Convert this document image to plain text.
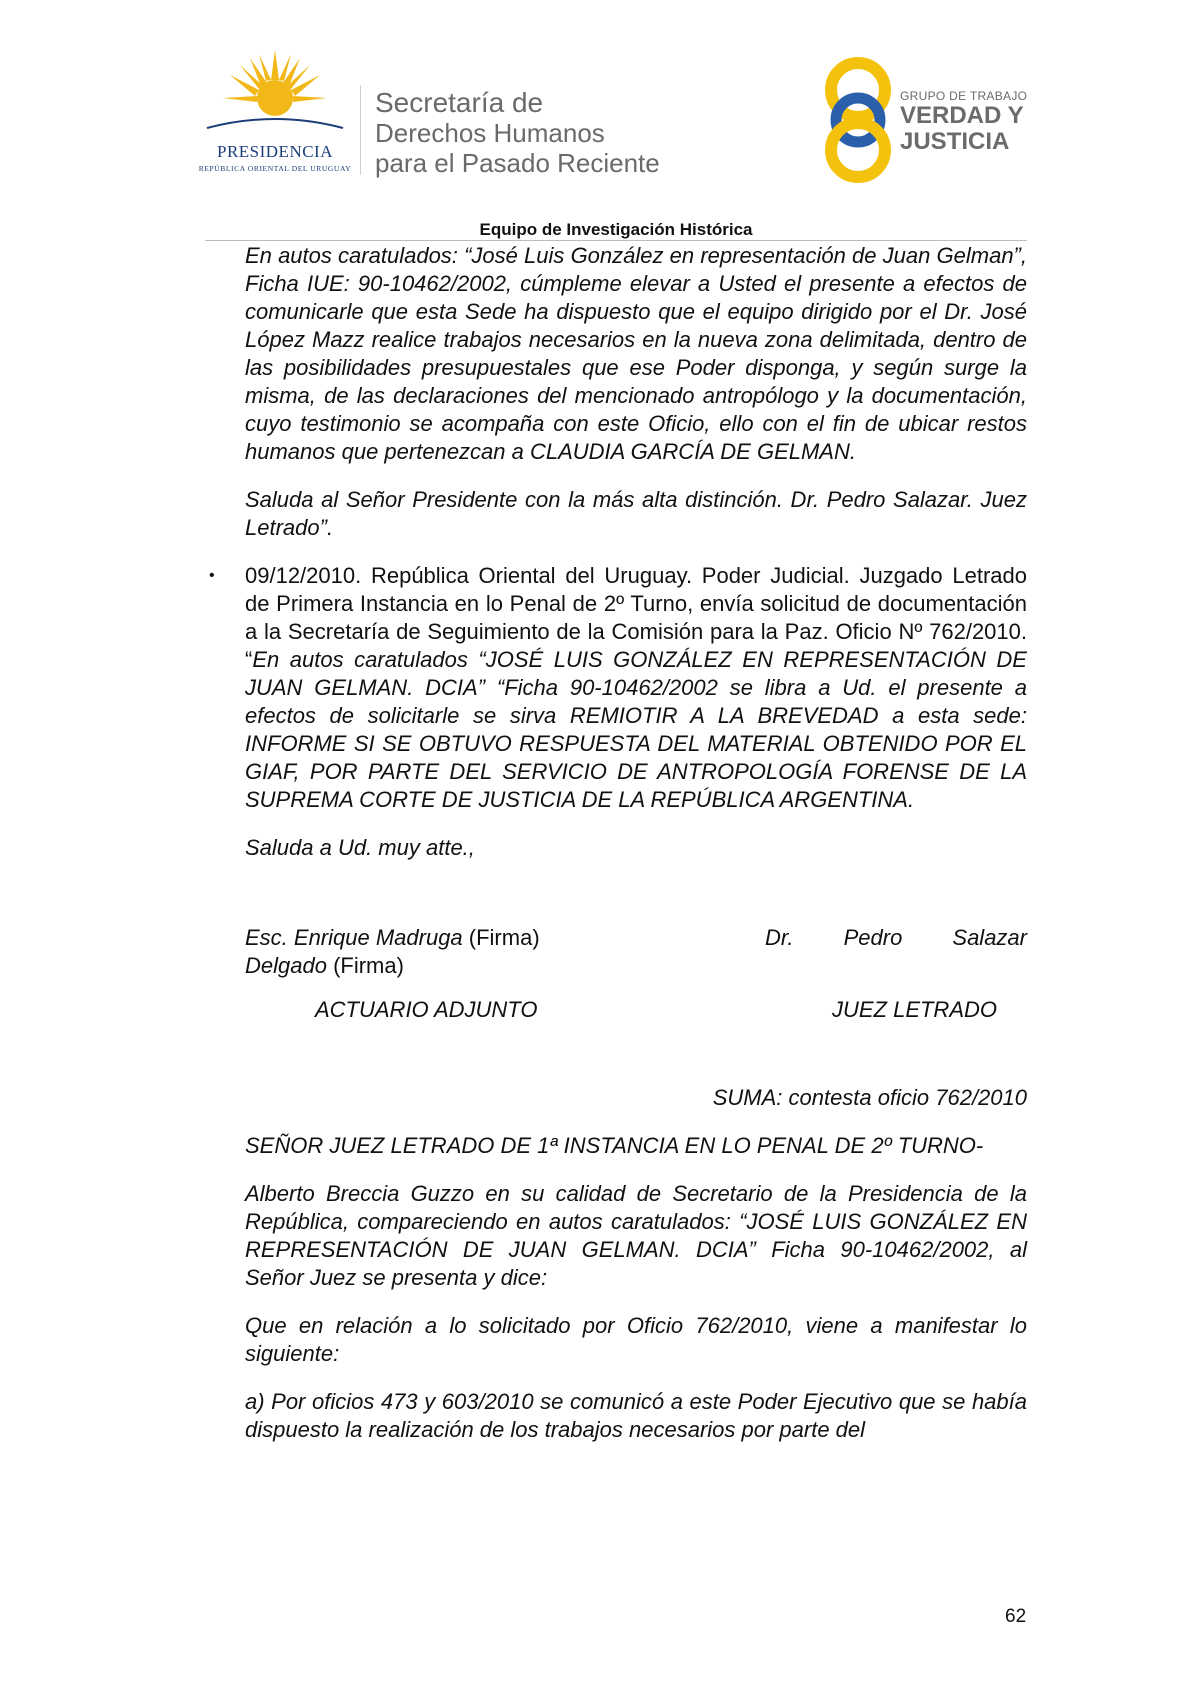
PRESIDENCIA
REPÚBLICA ORIENTAL DEL URUGUAY
Secretaría de
Derechos Humanos
para el Pasado Reciente
GRUPO DE TRABAJO
VERDAD Y
JUSTICIA
Equipo de Investigación Histórica

En autos caratulados: “José Luis González en representación de Juan Gelman”, Ficha IUE: 90-10462/2002, cúmpleme elevar a Usted el presente a efectos de comunicarle que esta Sede ha dispuesto que el equipo dirigido por el Dr. José López Mazz realice trabajos necesarios en la nueva zona delimitada, dentro de las posibilidades presupuestales que ese Poder disponga, y según surge la misma, de las declaraciones del mencionado antropólogo y la documentación, cuyo testimonio se acompaña con este Oficio, ello con el fin de ubicar restos humanos que pertenezcan a CLAUDIA GARCÍA DE GELMAN.

Saluda al Señor Presidente con la más alta distinción. Dr. Pedro Salazar. Juez Letrado”.

• 09/12/2010. República Oriental del Uruguay. Poder Judicial. Juzgado Letrado de Primera Instancia en lo Penal de 2º Turno, envía solicitud de documentación a la Secretaría de Seguimiento de la Comisión para la Paz. Oficio Nº 762/2010. “En autos caratulados “JOSÉ LUIS GONZÁLEZ EN REPRESENTACIÓN DE JUAN GELMAN. DCIA” “Ficha 90-10462/2002 se libra a Ud. el presente a efectos de solicitarle se sirva REMIOTIR A LA BREVEDAD a esta sede: INFORME SI SE OBTUVO RESPUESTA DEL MATERIAL OBTENIDO POR EL GIAF, POR PARTE DEL SERVICIO DE ANTROPOLOGÍA FORENSE DE LA SUPREMA CORTE DE JUSTICIA DE LA REPÚBLICA ARGENTINA.

Saluda a Ud. muy atte.,

Esc. Enrique Madruga (Firma)	Dr. Pedro Salazar
Delgado (Firma)
ACTUARIO ADJUNTO	JUEZ LETRADO

SUMA: contesta oficio 762/2010

SEÑOR JUEZ LETRADO DE 1ª INSTANCIA EN LO PENAL DE 2º TURNO-

Alberto Breccia Guzzo en su calidad de Secretario de la Presidencia de la República, compareciendo en autos caratulados: “JOSÉ LUIS GONZÁLEZ EN REPRESENTACIÓN DE JUAN GELMAN. DCIA” Ficha 90-10462/2002, al Señor Juez se presenta y dice:

Que en relación a lo solicitado por Oficio 762/2010, viene a manifestar lo siguiente:

a) Por oficios 473 y 603/2010 se comunicó a este Poder Ejecutivo que se había dispuesto la realización de los trabajos necesarios por parte del

62
